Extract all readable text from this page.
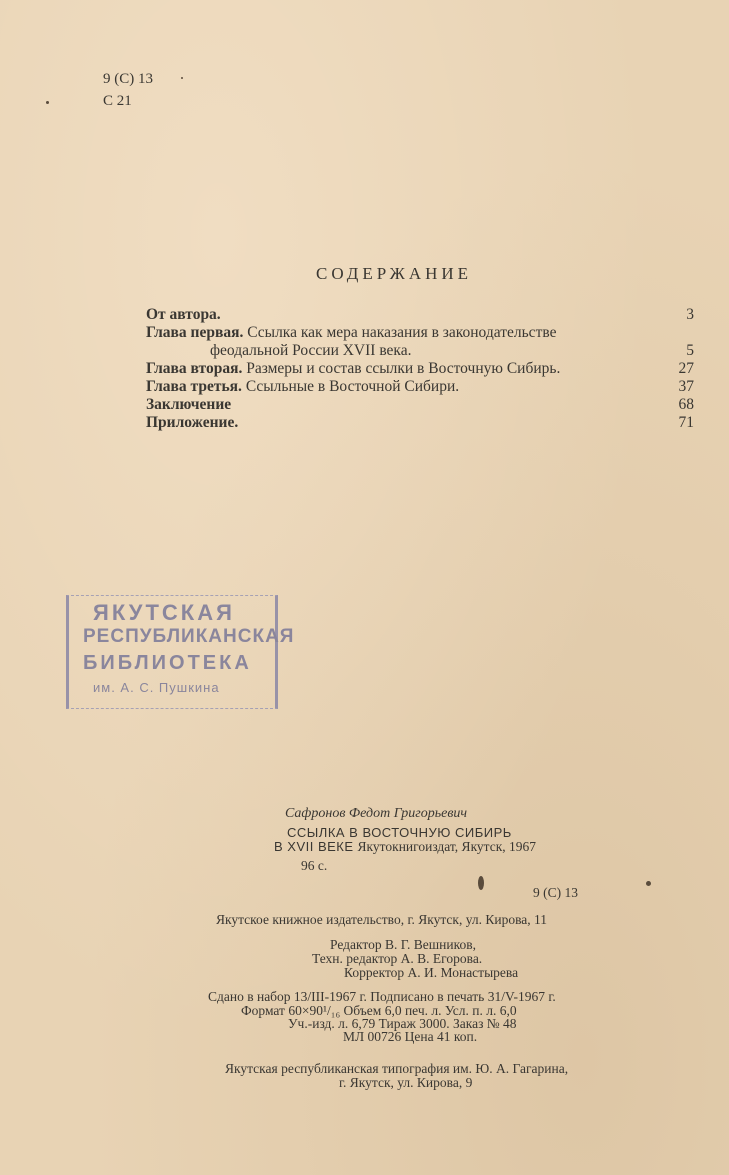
9 (С) 13
С 21
СОДЕРЖАНИЕ
От автора.	3
Глава первая. Ссылка как мера наказания в законодательстве
феодальной России XVII века.	5
Глава вторая. Размеры и состав ссылки в Восточную Сибирь.	27
Глава третья. Ссыльные в Восточной Сибири.	37
Заключение	68
Приложение.	71
ЯКУТСКАЯ
РЕСПУБЛИКАНСКАЯ
БИБЛИОТЕКА
им. А. С. Пушкина
Сафронов Федот Григорьевич
ССЫЛКА В ВОСТОЧНУЮ СИБИРЬ
В XVII ВЕКЕ Якутокнигоиздат, Якутск, 1967
96 с.
9 (С) 13
Якутское книжное издательство, г. Якутск, ул. Кирова, 11
Редактор В. Г. Вешников,
Техн. редактор А. В. Егорова.
Корректор А. И. Монастырева
Сдано в набор 13/III-1967 г. Подписано в печать 31/V-1967 г.
Формат 60×90¹/₁₆ Объем 6,0 печ. л. Усл. п. л. 6,0
Уч.-изд. л. 6,79 Тираж 3000. Заказ № 48
МЛ 00726 Цена 41 коп.
Якутская республиканская типография им. Ю. А. Гагарина,
г. Якутск, ул. Кирова, 9
